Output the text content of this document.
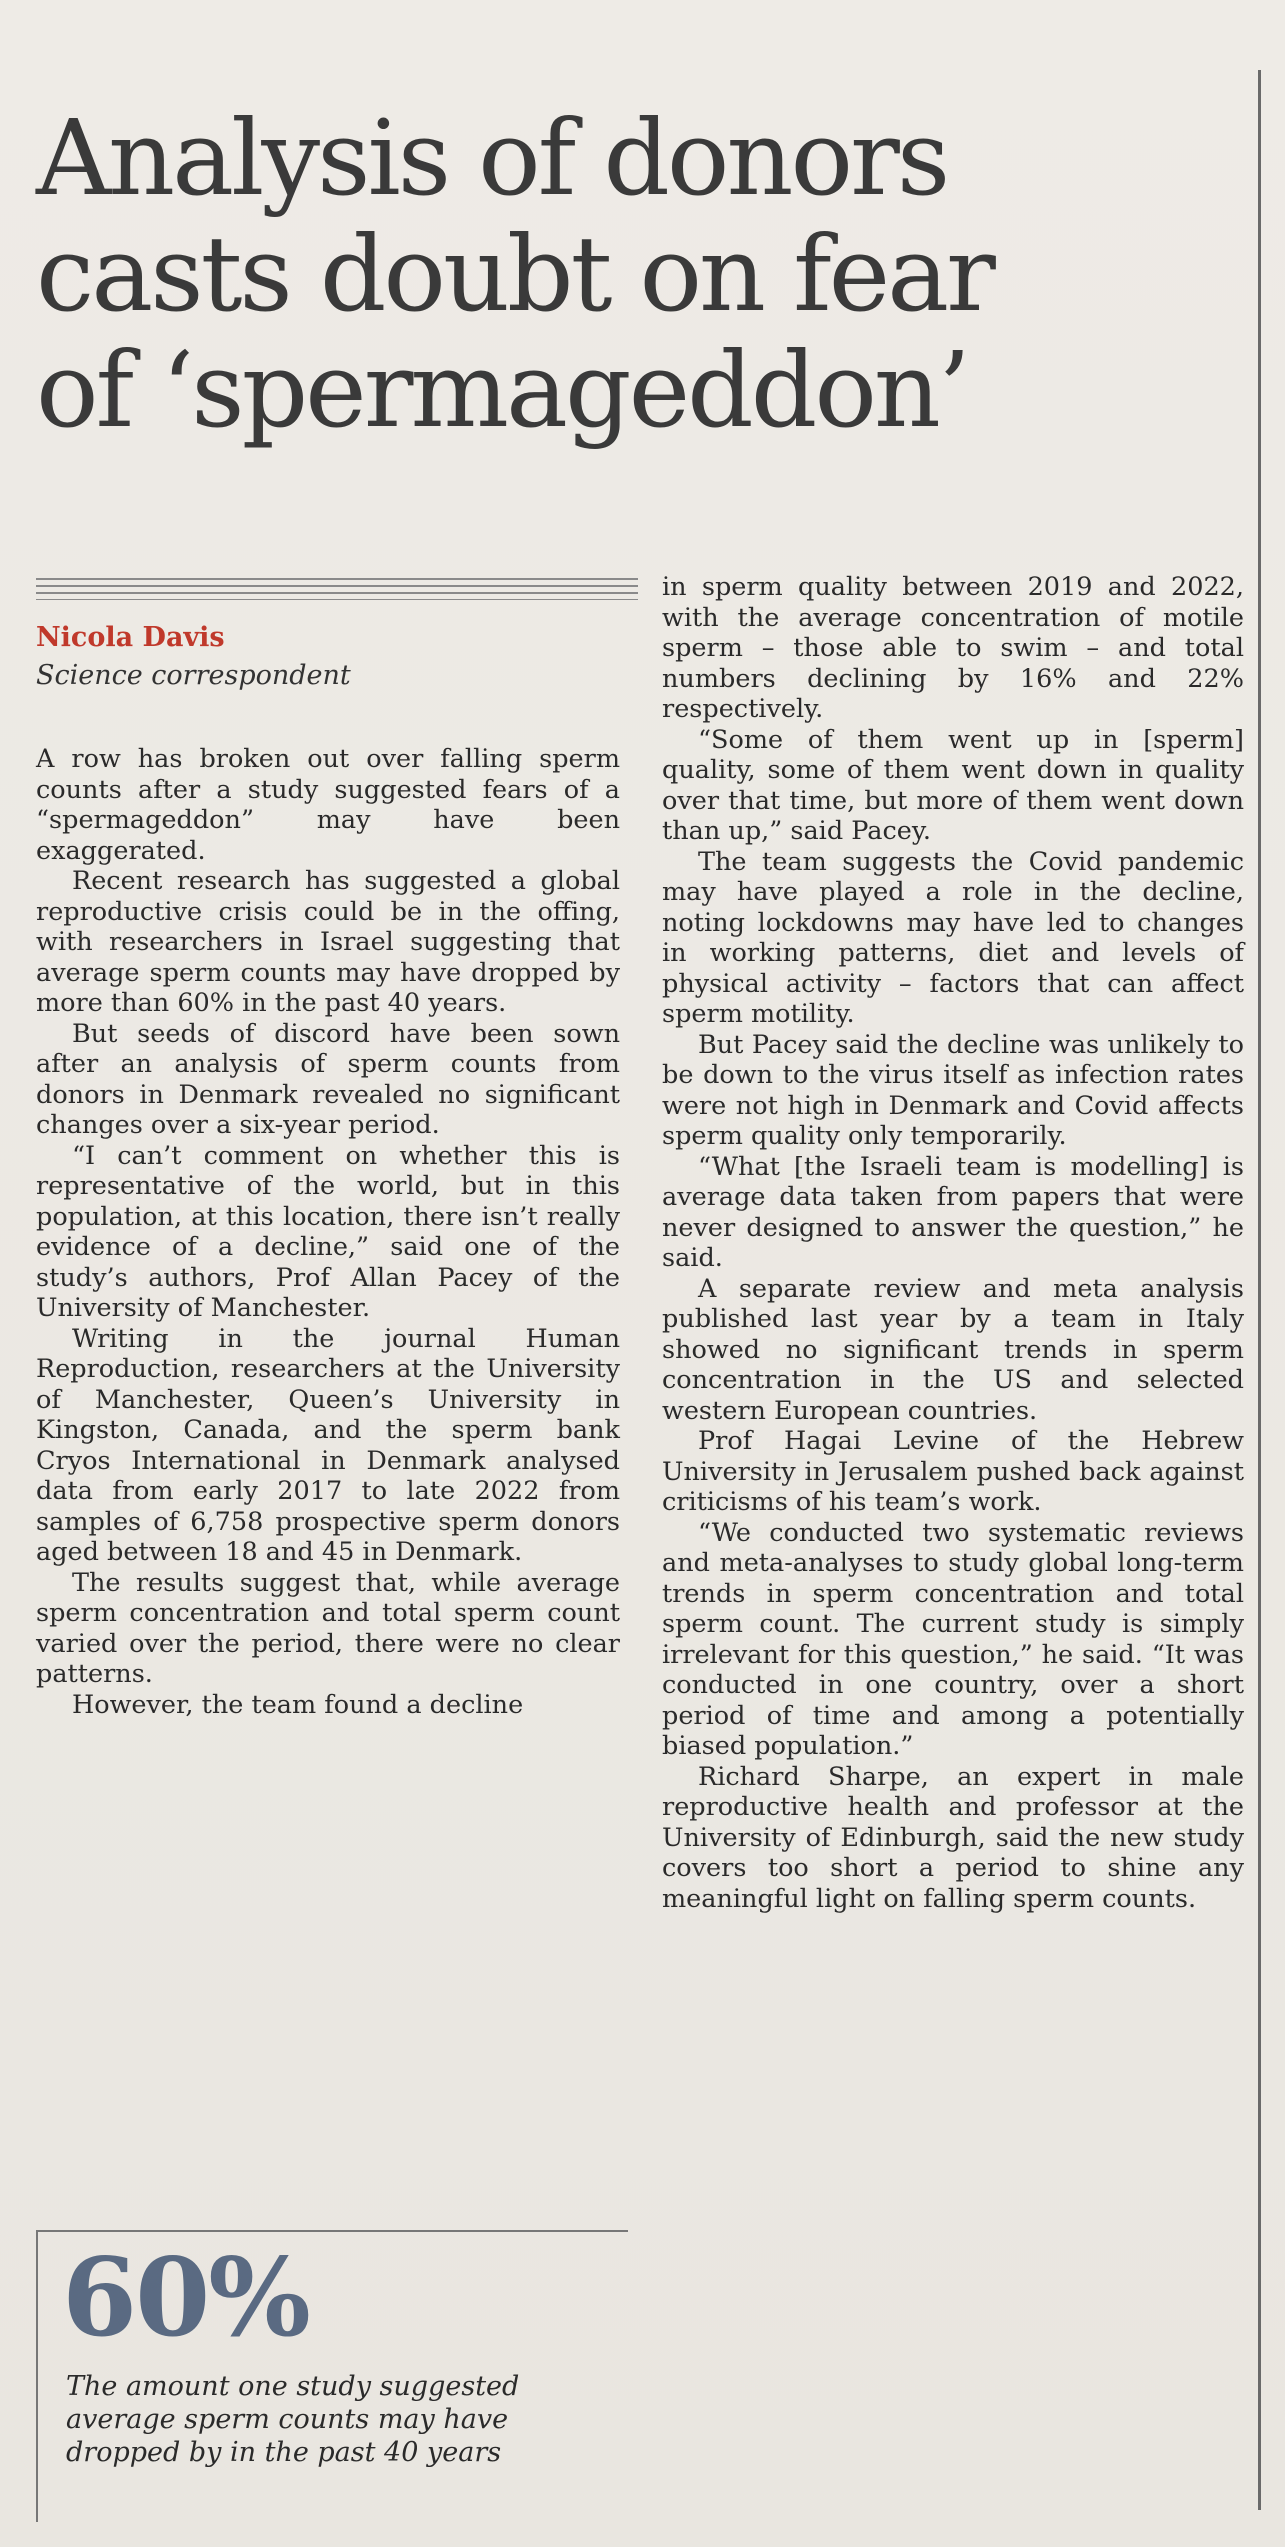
Analysis of donors
casts doubt on fear
of ‘spermageddon’
Nicola Davis
Science correspondent

A row has broken out over falling sperm counts after a study suggested fears of a “spermageddon” may have been exaggerated.

Recent research has suggested a global reproductive crisis could be in the offing, with researchers in Israel suggesting that average sperm counts may have dropped by more than 60% in the past 40 years.

But seeds of discord have been sown after an analysis of sperm counts from donors in Denmark revealed no significant changes over a six-year period.

“I can’t comment on whether this is representative of the world, but in this population, at this location, there isn’t really evidence of a decline,” said one of the study’s authors, Prof Allan Pacey of the University of Manchester.

Writing in the journal Human Reproduction, researchers at the University of Manchester, Queen’s University in Kingston, Canada, and the sperm bank Cryos International in Denmark analysed data from early 2017 to late 2022 from samples of 6,758 prospective sperm donors aged between 18 and 45 in Denmark.

The results suggest that, while average sperm concentration and total sperm count varied over the period, there were no clear patterns.

However, the team found a decline

in sperm quality between 2019 and 2022, with the average concentration of motile sperm – those able to swim – and total numbers declining by 16% and 22% respectively.

“Some of them went up in [sperm] quality, some of them went down in quality over that time, but more of them went down than up,” said Pacey.

The team suggests the Covid pandemic may have played a role in the decline, noting lockdowns may have led to changes in working patterns, diet and levels of physical activity – factors that can affect sperm motility.

But Pacey said the decline was unlikely to be down to the virus itself as infection rates were not high in Denmark and Covid affects sperm quality only temporarily.

“What [the Israeli team is modelling] is average data taken from papers that were never designed to answer the question,” he said.

A separate review and meta analysis published last year by a team in Italy showed no significant trends in sperm concentration in the US and selected western European countries.

Prof Hagai Levine of the Hebrew University in Jerusalem pushed back against criticisms of his team’s work.

“We conducted two systematic reviews and meta-analyses to study global long-term trends in sperm concentration and total sperm count. The current study is simply irrelevant for this question,” he said. “It was conducted in one country, over a short period of time and among a potentially biased population.”

Richard Sharpe, an expert in male reproductive health and professor at the University of Edinburgh, said the new study covers too short a period to shine any meaningful light on falling sperm counts.

60%
The amount one study suggested average sperm counts may have dropped by in the past 40 years
